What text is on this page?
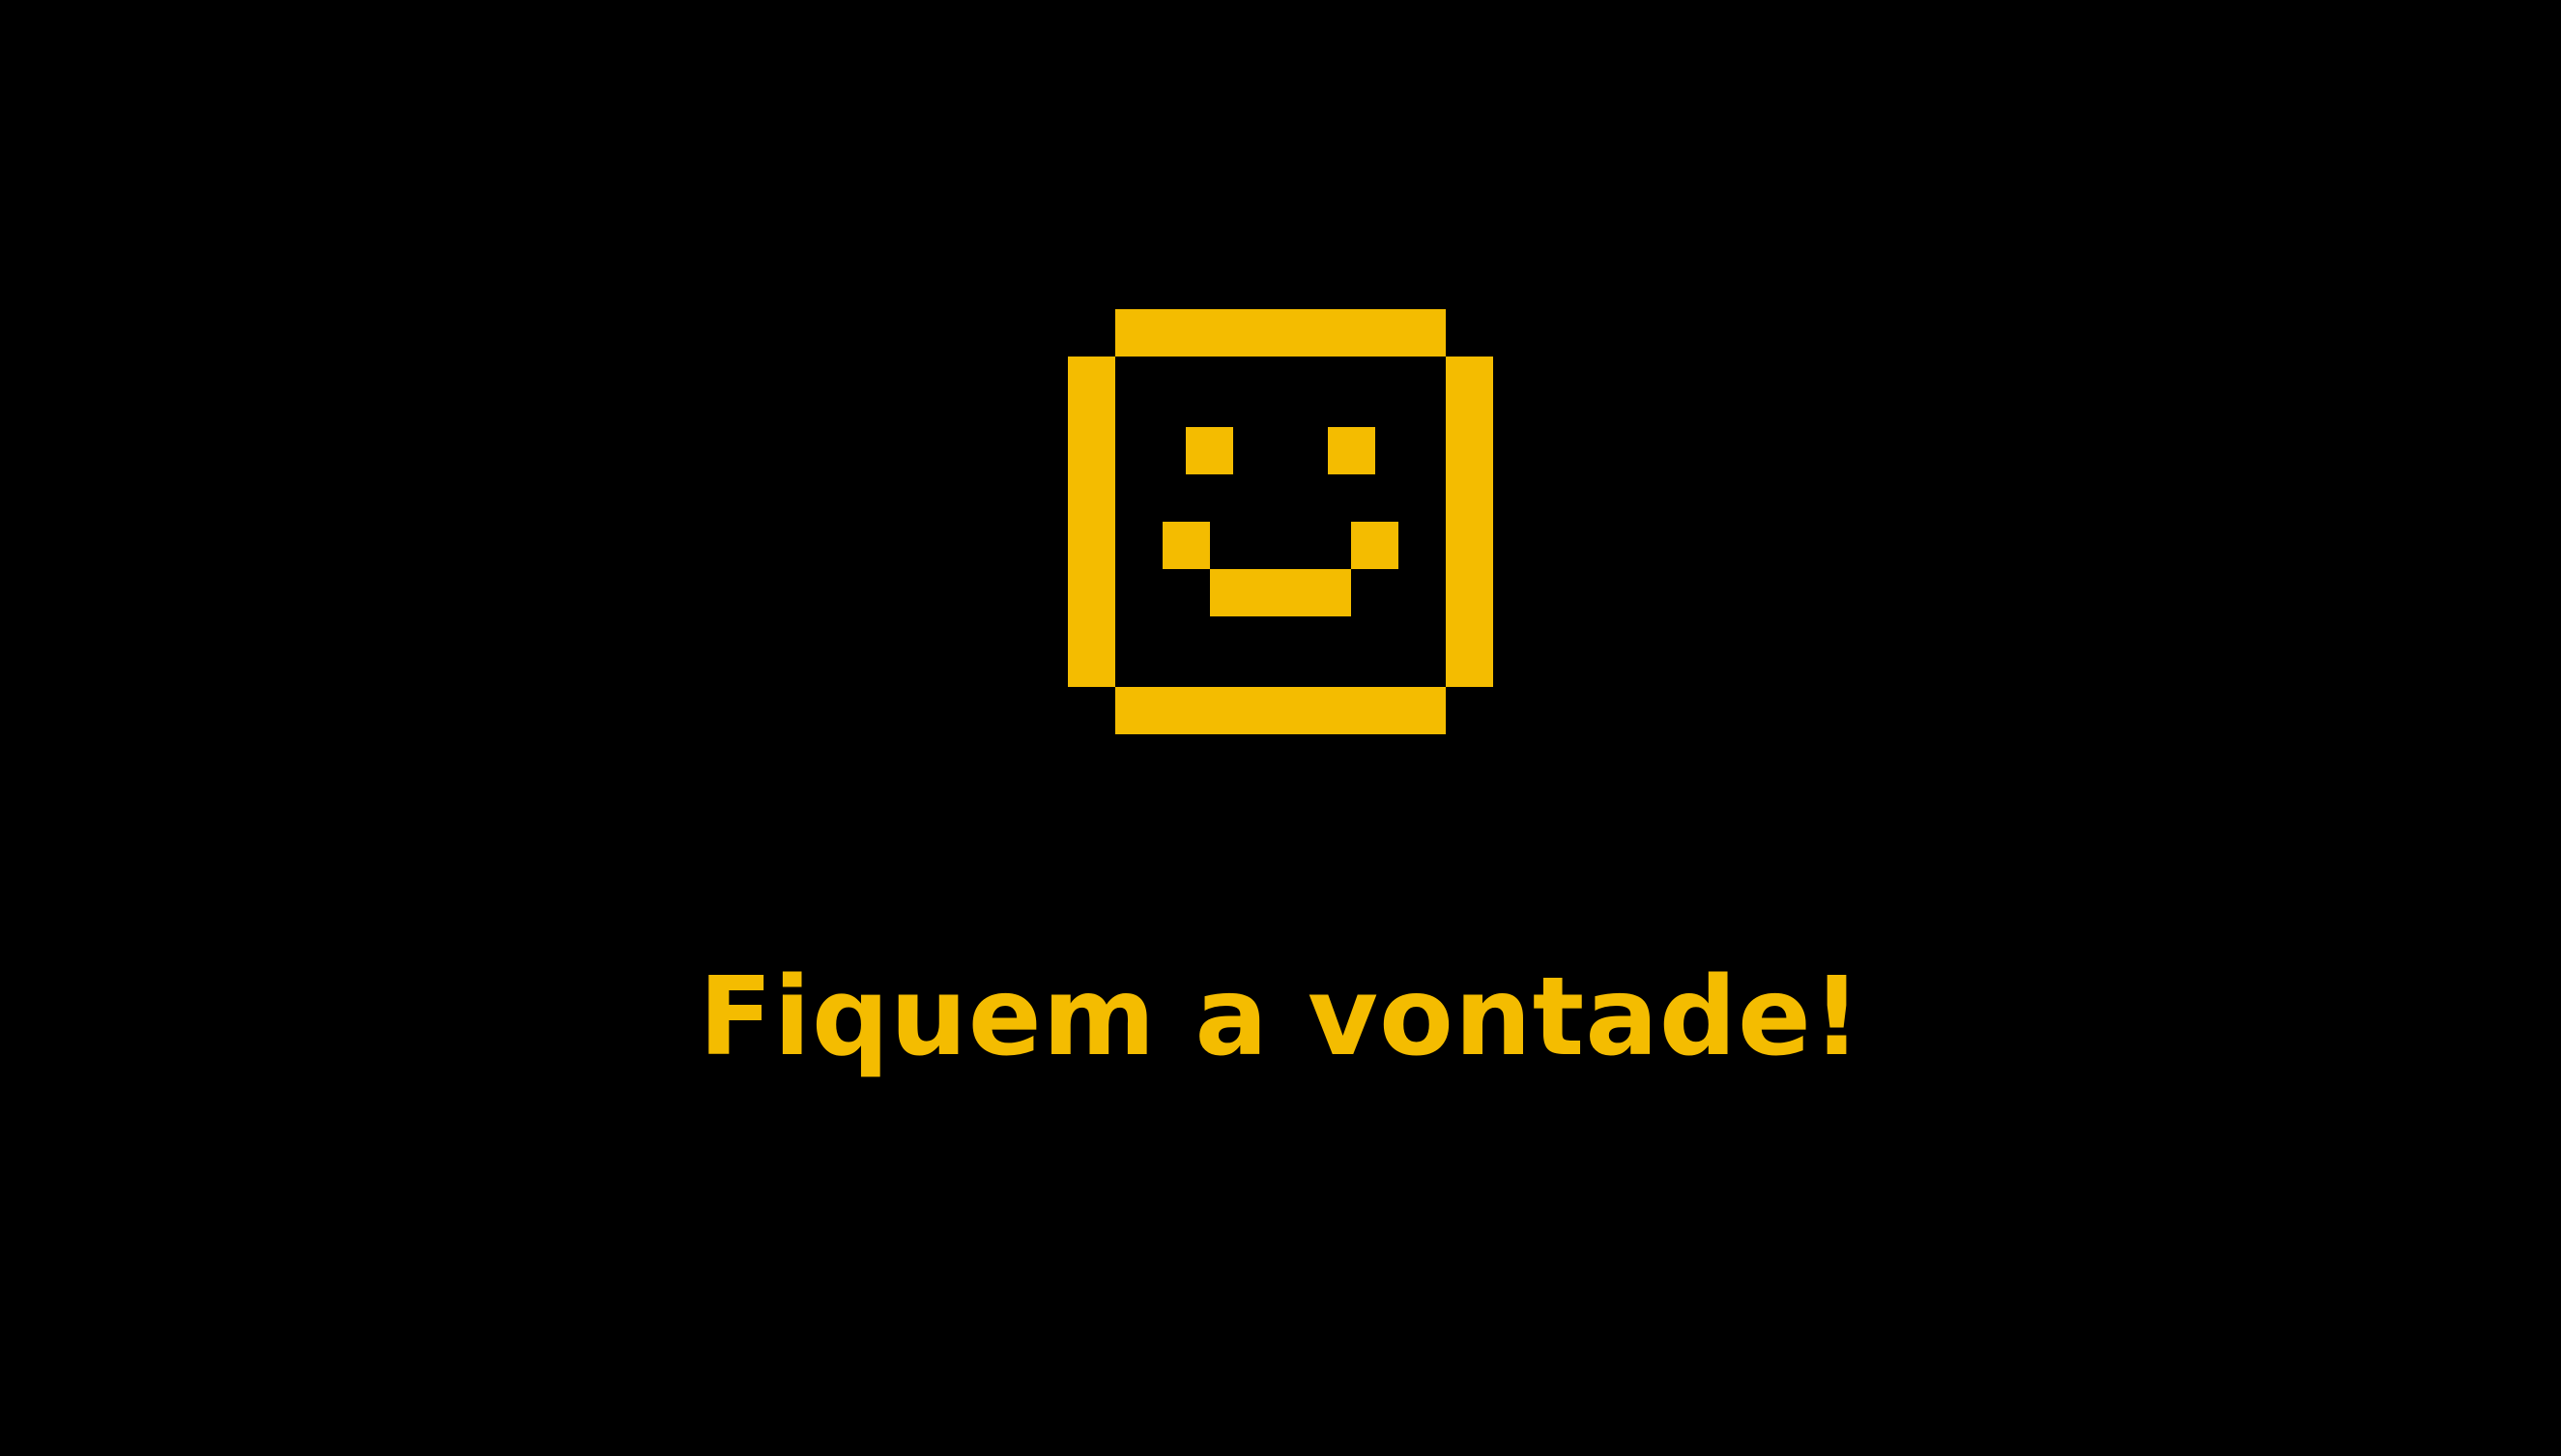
Fiquem a vontade!
